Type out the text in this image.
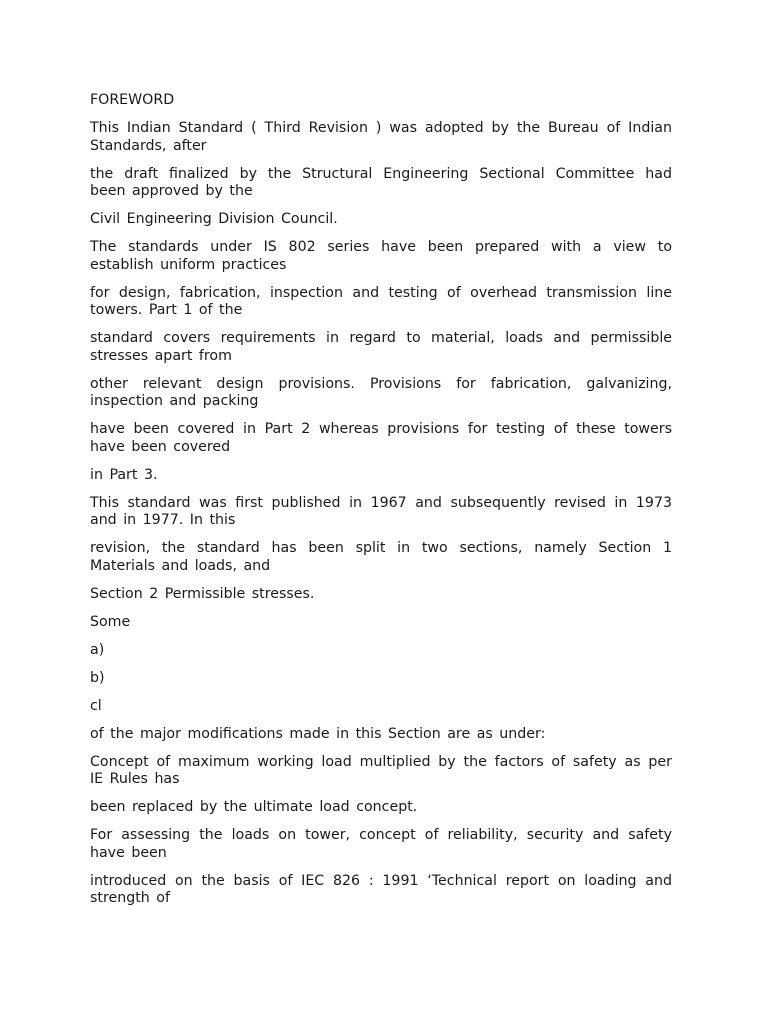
FOREWORD

This Indian Standard ( Third Revision ) was adopted by the Bureau of Indian Standards, after

the draft finalized by the Structural Engineering Sectional Committee had been approved by the

Civil Engineering Division Council.

The standards under IS 802 series have been prepared with a view to establish uniform practices

for design, fabrication, inspection and testing of overhead transmission line towers. Part 1 of the

standard covers requirements in regard to material, loads and permissible stresses apart from

other relevant design provisions. Provisions for fabrication, galvanizing, inspection and packing

have been covered in Part 2 whereas provisions for testing of these towers have been covered

in Part 3.

This standard was first published in 1967 and subsequently revised in 1973 and in 1977. In this

revision, the standard has been split in two sections, namely Section 1 Materials and loads, and

Section 2 Permissible stresses.

Some

a)

b)

cl

of the major modifications made in this Section are as under:

Concept of maximum working load multiplied by the factors of safety as per IE Rules has

been replaced by the ultimate load concept.

For assessing the loads on tower, concept of reliability, security and safety have been

introduced on the basis of IEC 826 : 1991 ‘Technical report on loading and strength of
